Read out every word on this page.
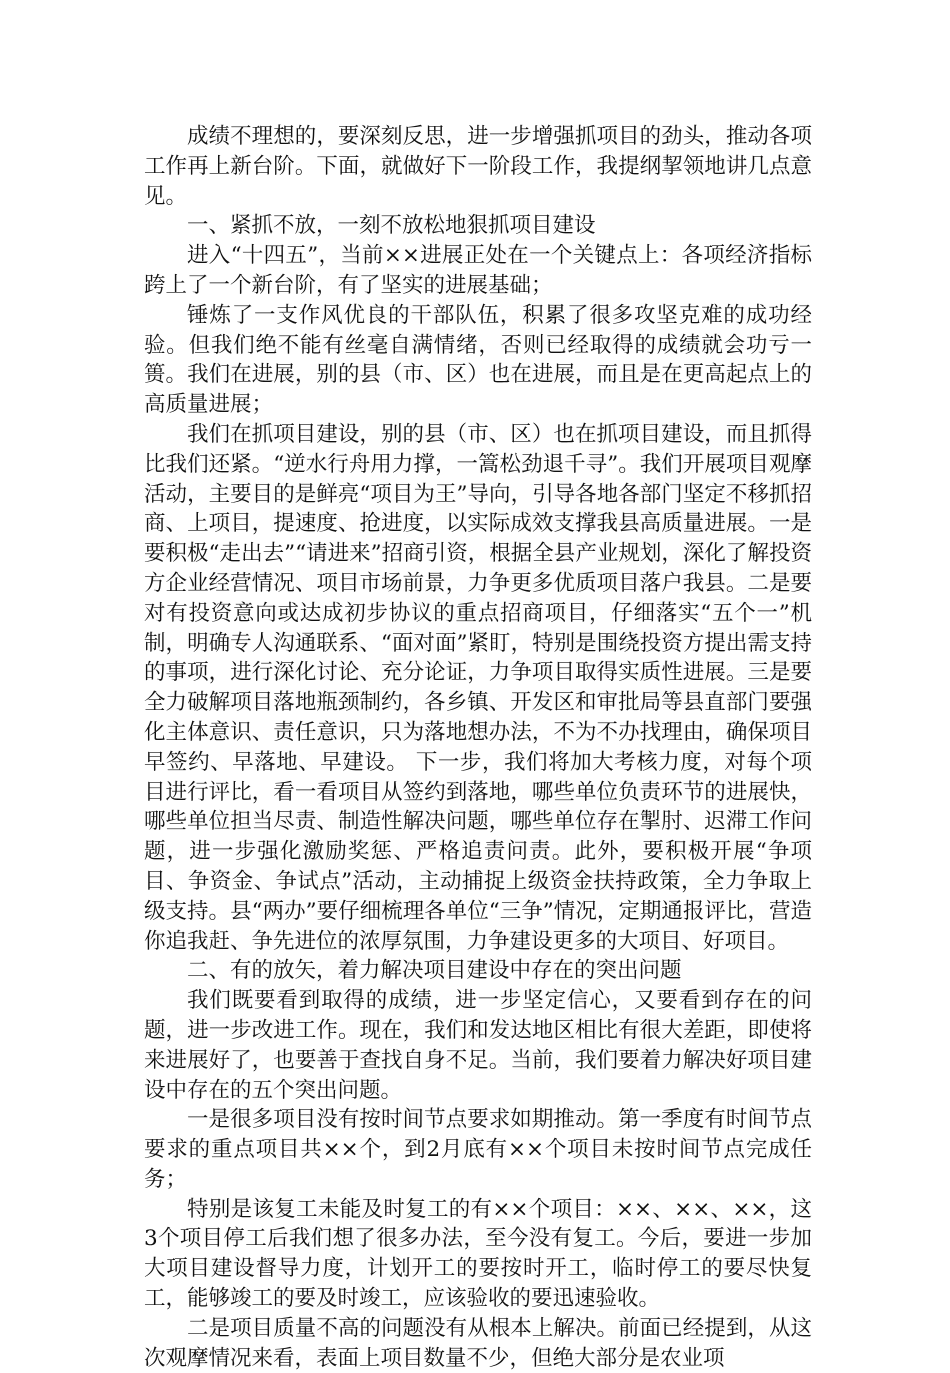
成绩不理想的，要深刻反思，进一步增强抓项目的劲头，推动各项工作再上新台阶。下面，就做好下一阶段工作，我提纲挈领地讲几点意见。

一、紧抓不放，一刻不放松地狠抓项目建设

进入“十四五”，当前××进展正处在一个关键点上：各项经济指标跨上了一个新台阶，有了坚实的进展基础；

锤炼了一支作风优良的干部队伍，积累了很多攻坚克难的成功经验。但我们绝不能有丝毫自满情绪，否则已经取得的成绩就会功亏一篑。我们在进展，别的县（市、区）也在进展，而且是在更高起点上的高质量进展；

我们在抓项目建设，别的县（市、区）也在抓项目建设，而且抓得比我们还紧。“逆水行舟用力撑，一篙松劲退千寻”。我们开展项目观摩活动，主要目的是鲜亮“项目为王”导向，引导各地各部门坚定不移抓招商、上项目，提速度、抢进度，以实际成效支撑我县高质量进展。一是要积极“走出去”“请进来”招商引资，根据全县产业规划，深化了解投资方企业经营情况、项目市场前景，力争更多优质项目落户我县。二是要对有投资意向或达成初步协议的重点招商项目，仔细落实“五个一”机制，明确专人沟通联系、“面对面”紧盯，特别是围绕投资方提出需支持的事项，进行深化讨论、充分论证，力争项目取得实质性进展。三是要全力破解项目落地瓶颈制约，各乡镇、开发区和审批局等县直部门要强化主体意识、责任意识，只为落地想办法，不为不办找理由，确保项目早签约、早落地、早建设。 下一步，我们将加大考核力度，对每个项目进行评比，看一看项目从签约到落地，哪些单位负责环节的进展快，哪些单位担当尽责、制造性解决问题，哪些单位存在掣肘、迟滞工作问题，进一步强化激励奖惩、严格追责问责。此外，要积极开展“争项目、争资金、争试点”活动，主动捕捉上级资金扶持政策，全力争取上级支持。县“两办”要仔细梳理各单位“三争”情况，定期通报评比，营造你追我赶、争先进位的浓厚氛围，力争建设更多的大项目、好项目。

二、有的放矢，着力解决项目建设中存在的突出问题

我们既要看到取得的成绩，进一步坚定信心，又要看到存在的问题，进一步改进工作。现在，我们和发达地区相比有很大差距，即使将来进展好了，也要善于查找自身不足。当前，我们要着力解决好项目建设中存在的五个突出问题。

一是很多项目没有按时间节点要求如期推动。第一季度有时间节点要求的重点项目共××个，到2月底有××个项目未按时间节点完成任务；

特别是该复工未能及时复工的有××个项目：××、××、××，这3个项目停工后我们想了很多办法，至今没有复工。今后，要进一步加大项目建设督导力度，计划开工的要按时开工，临时停工的要尽快复工，能够竣工的要及时竣工，应该验收的要迅速验收。

二是项目质量不高的问题没有从根本上解决。前面已经提到，从这次观摩情况来看，表面上项目数量不少，但绝大部分是农业项
